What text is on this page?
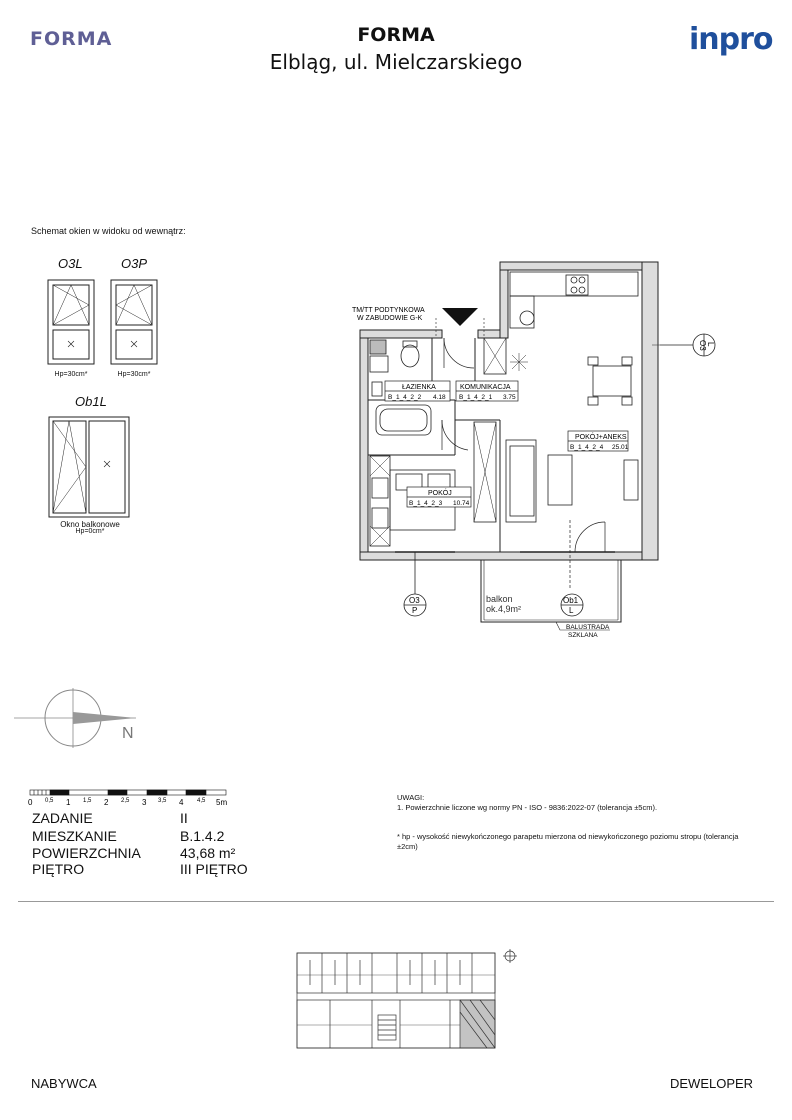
FORMA	FORMA
Elbląg, ul. Mielczarskiego
inpro
Schemat okien w widoku od wewnątrz:
O3L	O3P
Ob1L
Hp=30cm*	Hp=30cm*
Okno balkonowe
Hp=0cm*
TM/TT PODTYNKOWA
W ZABUDOWIE G-K
ŁAZIENKA
B_1_4_2_2 4.18
KOMUNIKACJA
B_1_4_2_1 3.75
POKÓJ+ANEKS
B_1_4_2_4 25.01
POKÓJ
B_1_4_2_3 10.74
O3 L
O3
P
Ob1
L
balkon
ok.4,9m²
BALUSTRADA
SZKLANA
N
0 0,5 1 1,5 2 2,5 3 3,5 4 4,5 5m
ZADANIE	II
MIESZKANIE	B.1.4.2
POWIERZCHNIA	43,68 m²
PIĘTRO	III PIĘTRO
UWAGI:
1. Powierzchnie liczone wg normy PN - ISO - 9836:2022-07 (tolerancja ±5cm).
* hp - wysokość niewykończonego parapetu mierzona od niewykończonego poziomu stropu (tolerancja
±2cm)
NABYWCA	DEWELOPER
